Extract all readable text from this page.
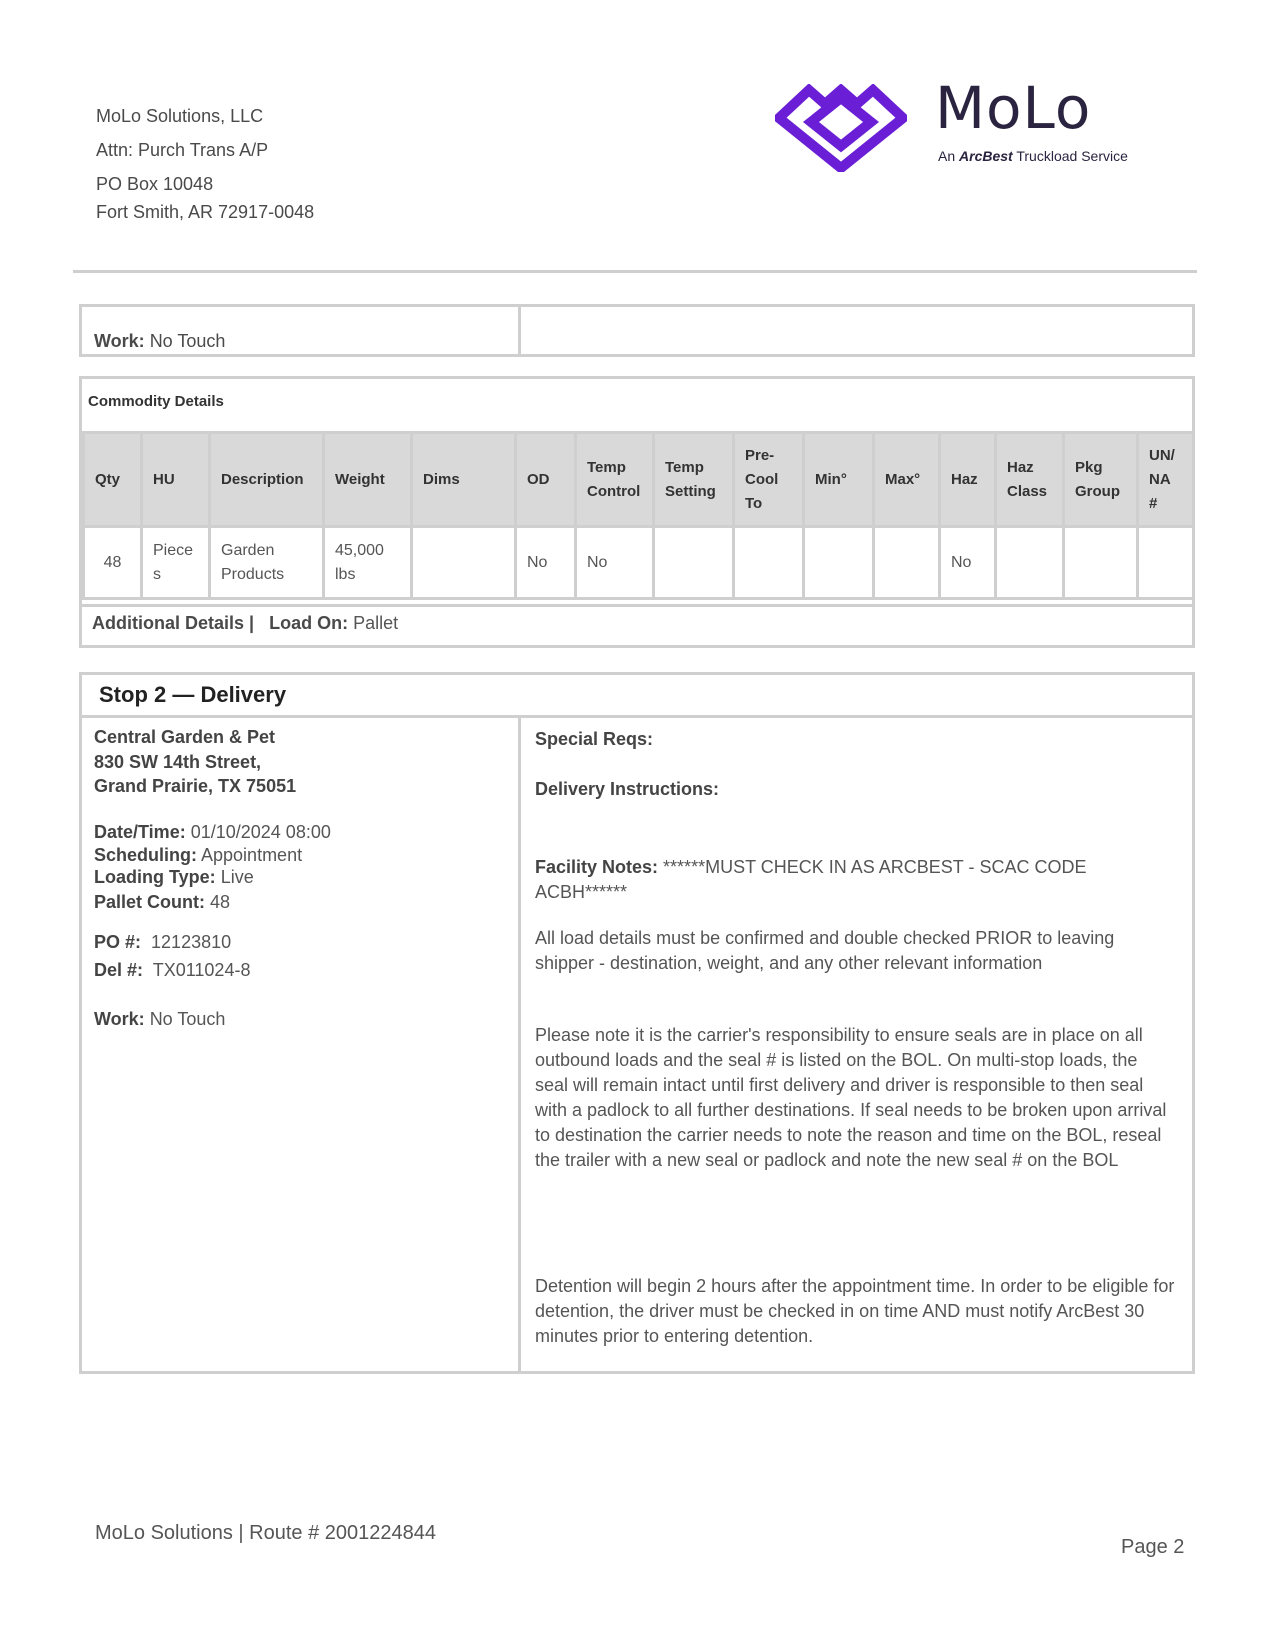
MoLo Solutions, LLC
Attn: Purch Trans A/P
PO Box 10048
Fort Smith, AR 72917-0048
MoLo
An ArcBest Truckload Service
Work: No Touch
Commodity Details
Qty	HU	Description	Weight	Dims	OD	Temp Control	Temp Setting	Pre-Cool To	Min°	Max°	Haz	Haz Class	Pkg Group	UN/ NA #
48	Pieces	Garden Products	45,000 lbs		No	No					No			
Additional Details | Load On: Pallet
Stop 2 — Delivery
Central Garden & Pet
830 SW 14th Street,
Grand Prairie, TX 75051
Date/Time: 01/10/2024 08:00
Scheduling: Appointment
Loading Type: Live
Pallet Count: 48
PO #: 12123810
Del #: TX011024-8
Work: No Touch
Special Reqs:
Delivery Instructions:
Facility Notes: ******MUST CHECK IN AS ARCBEST - SCAC CODE ACBH******
All load details must be confirmed and double checked PRIOR to leaving shipper - destination, weight, and any other relevant information
Please note it is the carrier's responsibility to ensure seals are in place on all outbound loads and the seal # is listed on the BOL. On multi-stop loads, the seal will remain intact until first delivery and driver is responsible to then seal with a padlock to all further destinations. If seal needs to be broken upon arrival to destination the carrier needs to note the reason and time on the BOL, reseal the trailer with a new seal or padlock and note the new seal # on the BOL
Detention will begin 2 hours after the appointment time. In order to be eligible for detention, the driver must be checked in on time AND must notify ArcBest 30 minutes prior to entering detention.
MoLo Solutions | Route # 2001224844
Page 2
